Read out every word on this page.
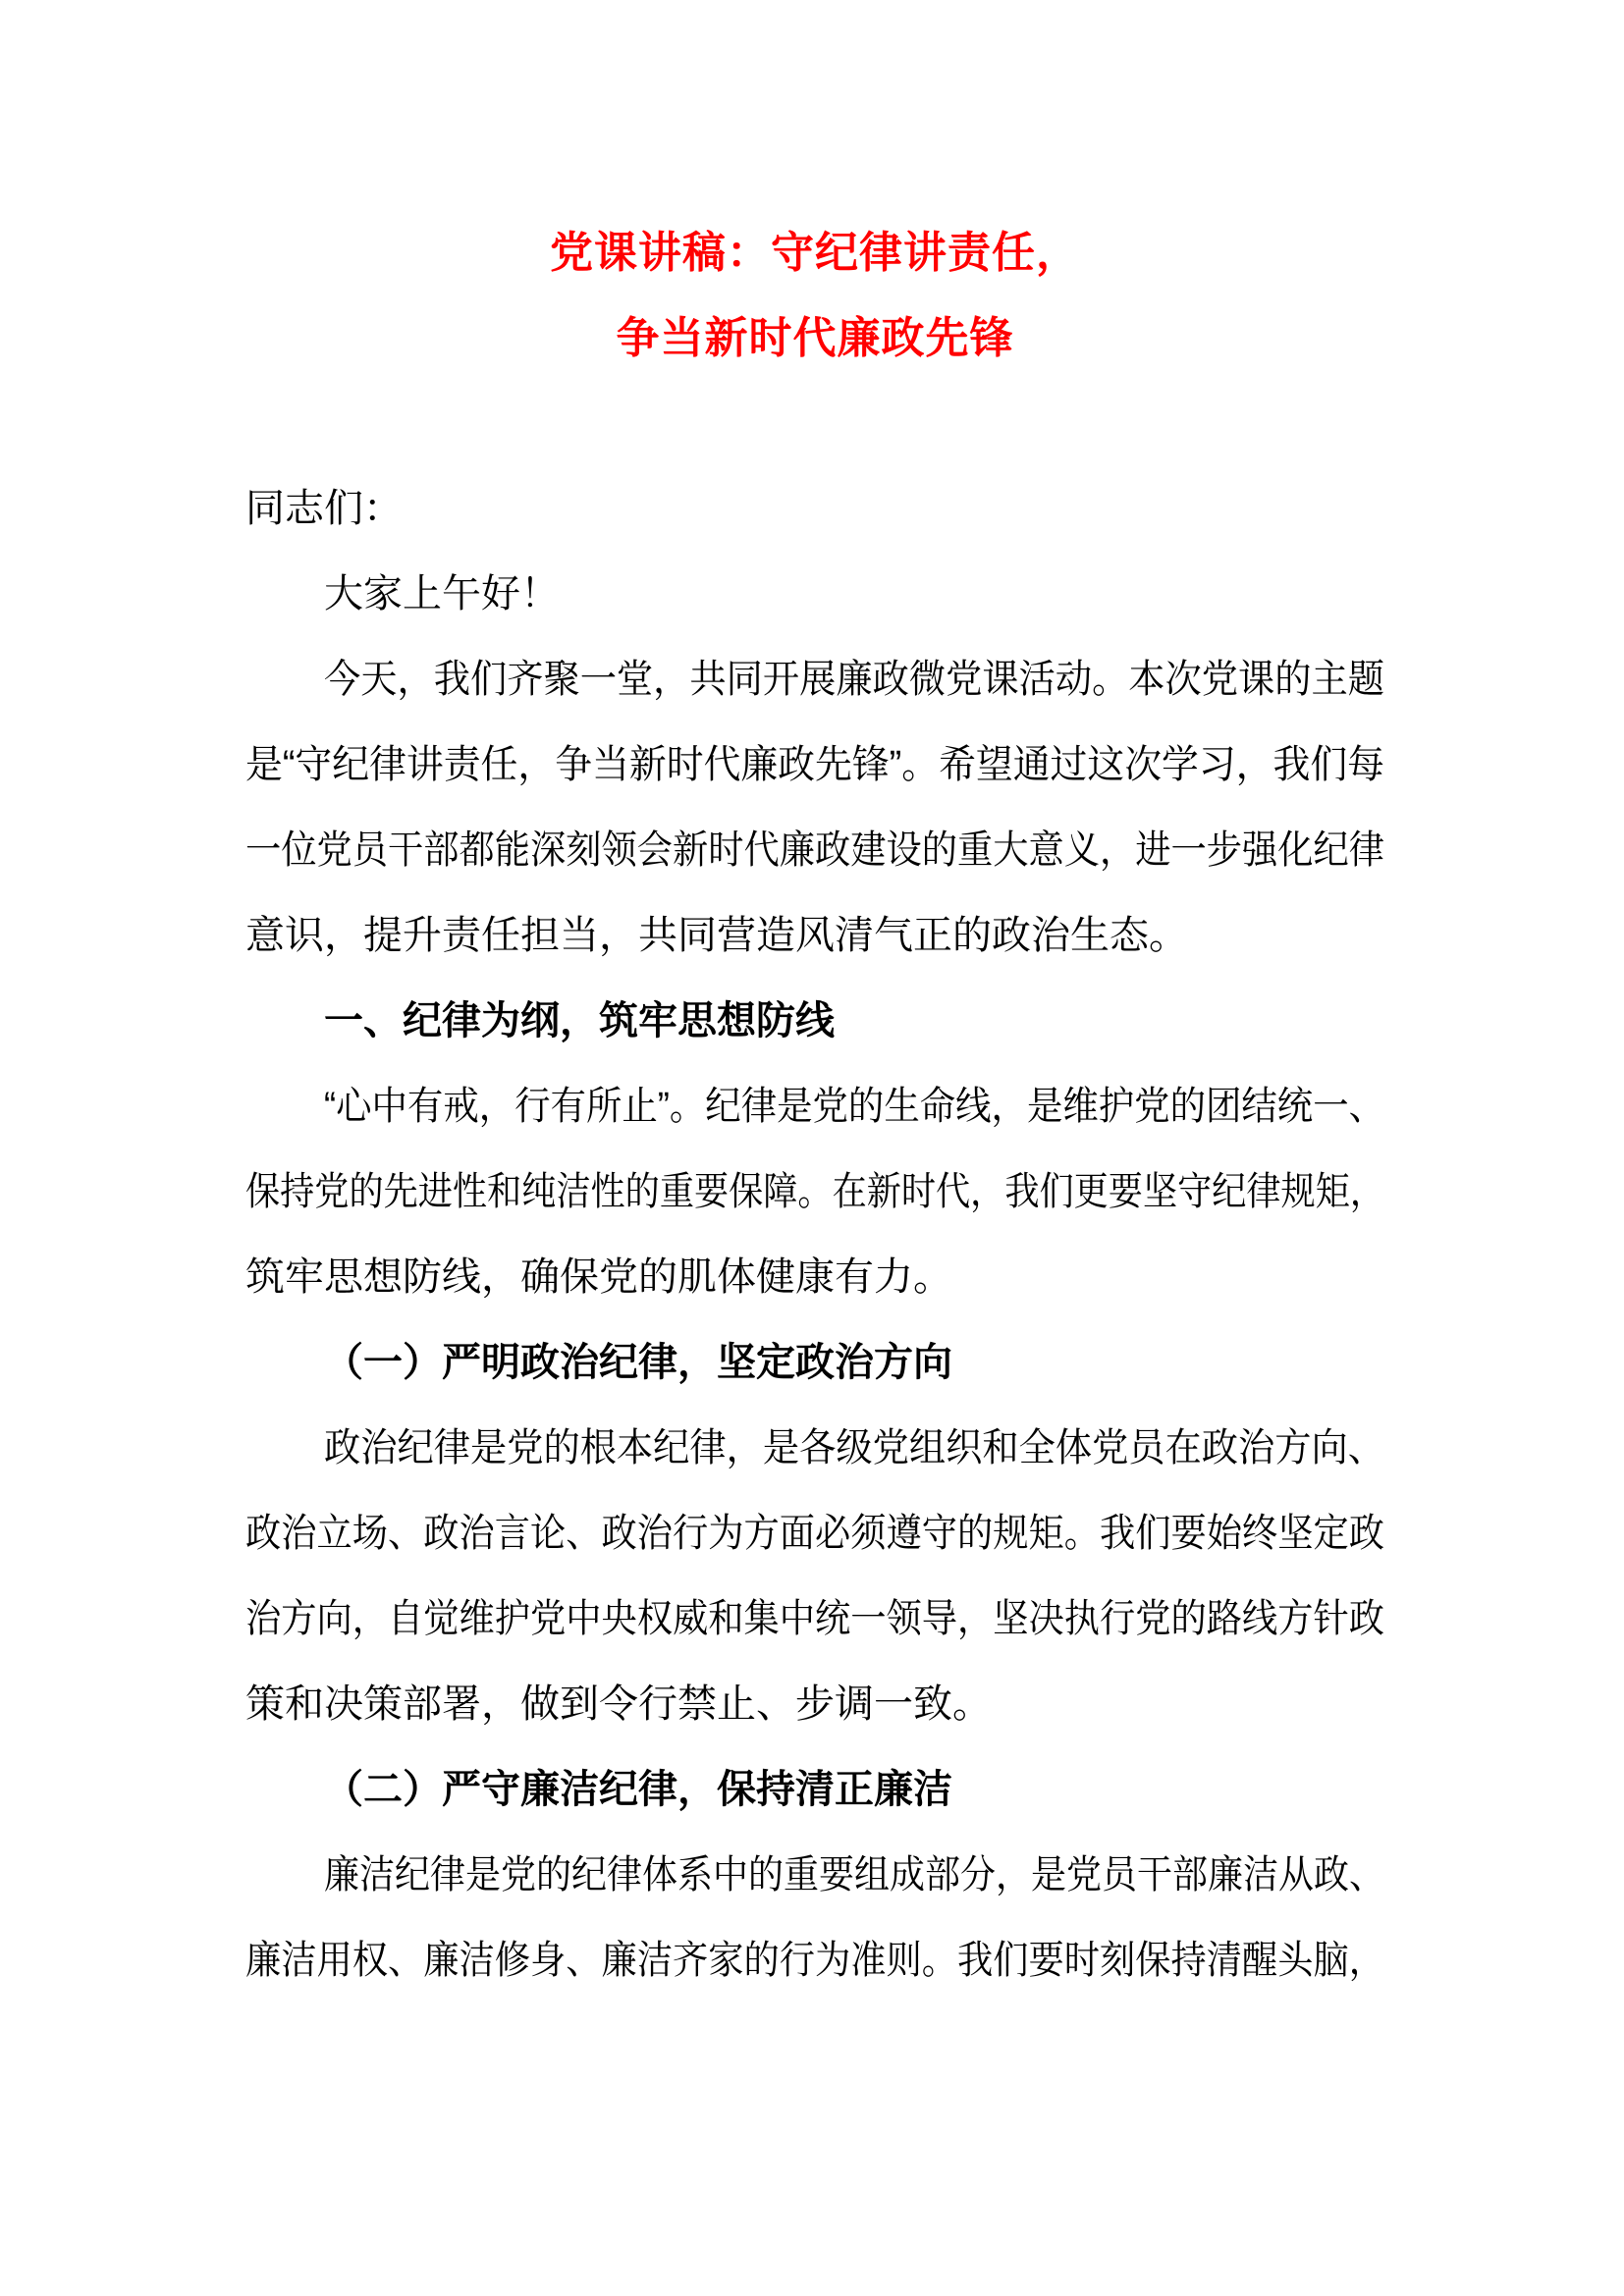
党课讲稿：守纪律讲责任，
争当新时代廉政先锋
同志们：
大家上午好！
今天，我们齐聚一堂，共同开展廉政微党课活动。本次党课的主题
是“守纪律讲责任，争当新时代廉政先锋”。希望通过这次学习，我们每
一位党员干部都能深刻领会新时代廉政建设的重大意义，进一步强化纪律
意识，提升责任担当，共同营造风清气正的政治生态。
一、纪律为纲，筑牢思想防线
“心中有戒，行有所止”。纪律是党的生命线，是维护党的团结统一、
保持党的先进性和纯洁性的重要保障。在新时代，我们更要坚守纪律规矩，
筑牢思想防线，确保党的肌体健康有力。
（一）严明政治纪律，坚定政治方向
政治纪律是党的根本纪律，是各级党组织和全体党员在政治方向、
政治立场、政治言论、政治行为方面必须遵守的规矩。我们要始终坚定政
治方向，自觉维护党中央权威和集中统一领导，坚决执行党的路线方针政
策和决策部署，做到令行禁止、步调一致。
（二）严守廉洁纪律，保持清正廉洁
廉洁纪律是党的纪律体系中的重要组成部分，是党员干部廉洁从政、
廉洁用权、廉洁修身、廉洁齐家的行为准则。我们要时刻保持清醒头脑，
